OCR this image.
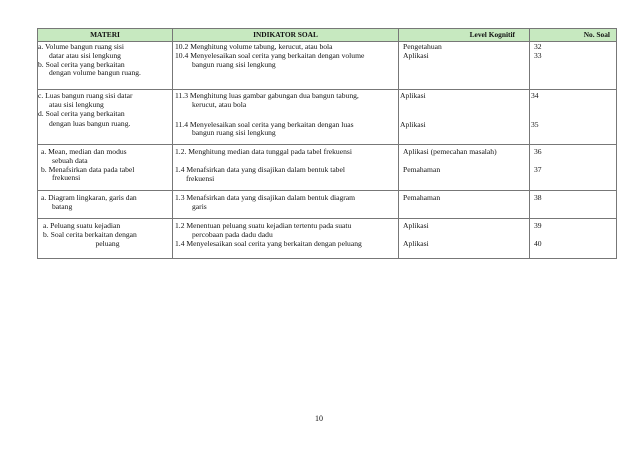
MATERI	INDIKATOR SOAL	Level Kognitif	No. Soal

a. Volume bangun ruang sisi
datar atau sisi lengkung
b. Soal cerita yang berkaitan
dengan volume bangun ruang.	10.2 Menghitung volume tabung, kerucut, atau bola
10.4 Menyelesaikan soal cerita yang berkaitan dengan volume
bangun ruang sisi lengkung	Pengetahuan
Aplikasi	32
33

c. Luas bangun ruang sisi datar
atau sisi lengkung
d. Soal cerita yang berkaitan
dengan luas bangun ruang.	11.3 Menghitung luas gambar gabungan dua bangun tabung,
kerucut, atau bola
11.4 Menyelesaikan soal cerita yang berkaitan dengan luas
bangun ruang sisi lengkung	Aplikasi
Aplikasi	34
35

a. Mean, median dan modus
sebuah data
b. Menafsirkan data pada tabel
frekuensi	1.2. Menghitung median data tunggal pada tabel frekuensi
1.4 Menafsirkan data yang disajikan dalam bentuk tabel
frekuensi	Aplikasi (pemecahan masalah)
Pemahaman	36
37

a. Diagram lingkaran, garis dan
batang	1.3 Menafsirkan data yang disajikan dalam bentuk diagram
garis	Pemahaman	38

a. Peluang suatu kejadian
b. Soal cerita berkaitan dengan
peluang	1.2 Menentuan peluang suatu kejadian tertentu pada suatu
percobaan pada dadu dadu
1.4 Menyelesaikan soal cerita yang berkaitan dengan peluang	Aplikasi
Aplikasi	39
40
10
